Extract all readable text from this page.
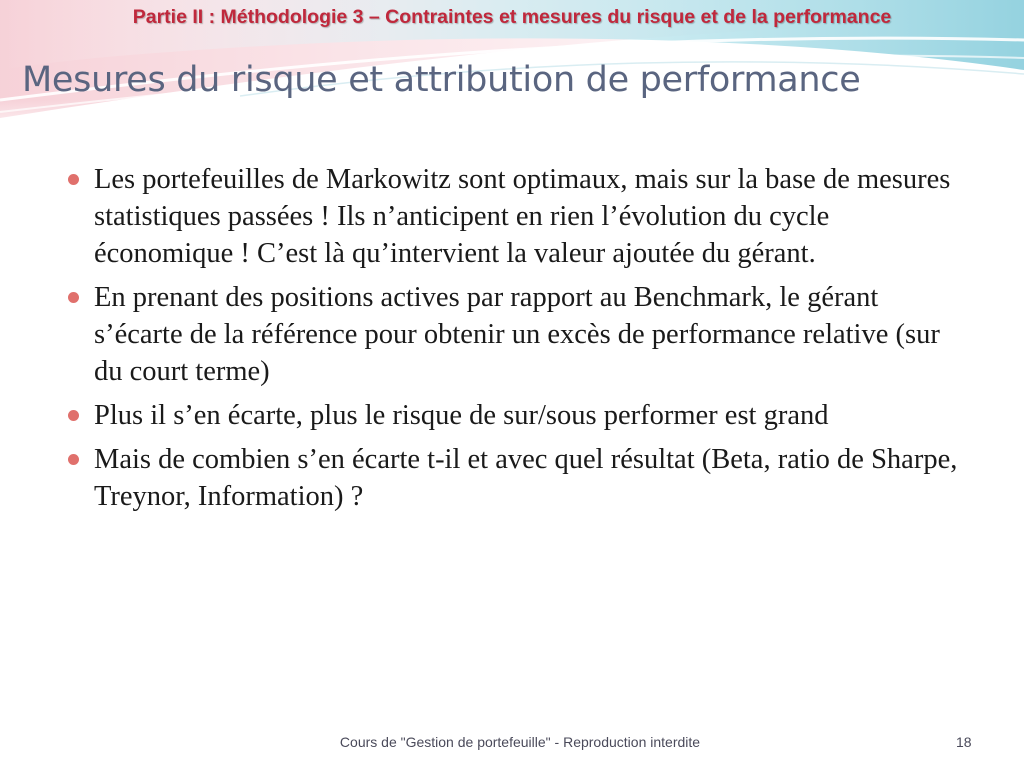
Partie II : Méthodologie 3 – Contraintes et mesures du risque et de la performance
Mesures du risque et attribution de performance
Les portefeuilles de Markowitz sont optimaux, mais sur la base de mesures statistiques passées ! Ils n’anticipent en rien l’évolution du cycle économique ! C’est là qu’intervient la valeur ajoutée du gérant.
En prenant des positions actives par rapport au Benchmark, le gérant s’écarte de la référence pour obtenir un excès de performance relative (sur du court terme)
Plus il s’en écarte, plus le risque de sur/sous performer est grand
Mais de combien s’en écarte t-il et avec quel résultat (Beta, ratio de Sharpe, Treynor, Information) ?
Cours de "Gestion de portefeuille" - Reproduction interdite	18
